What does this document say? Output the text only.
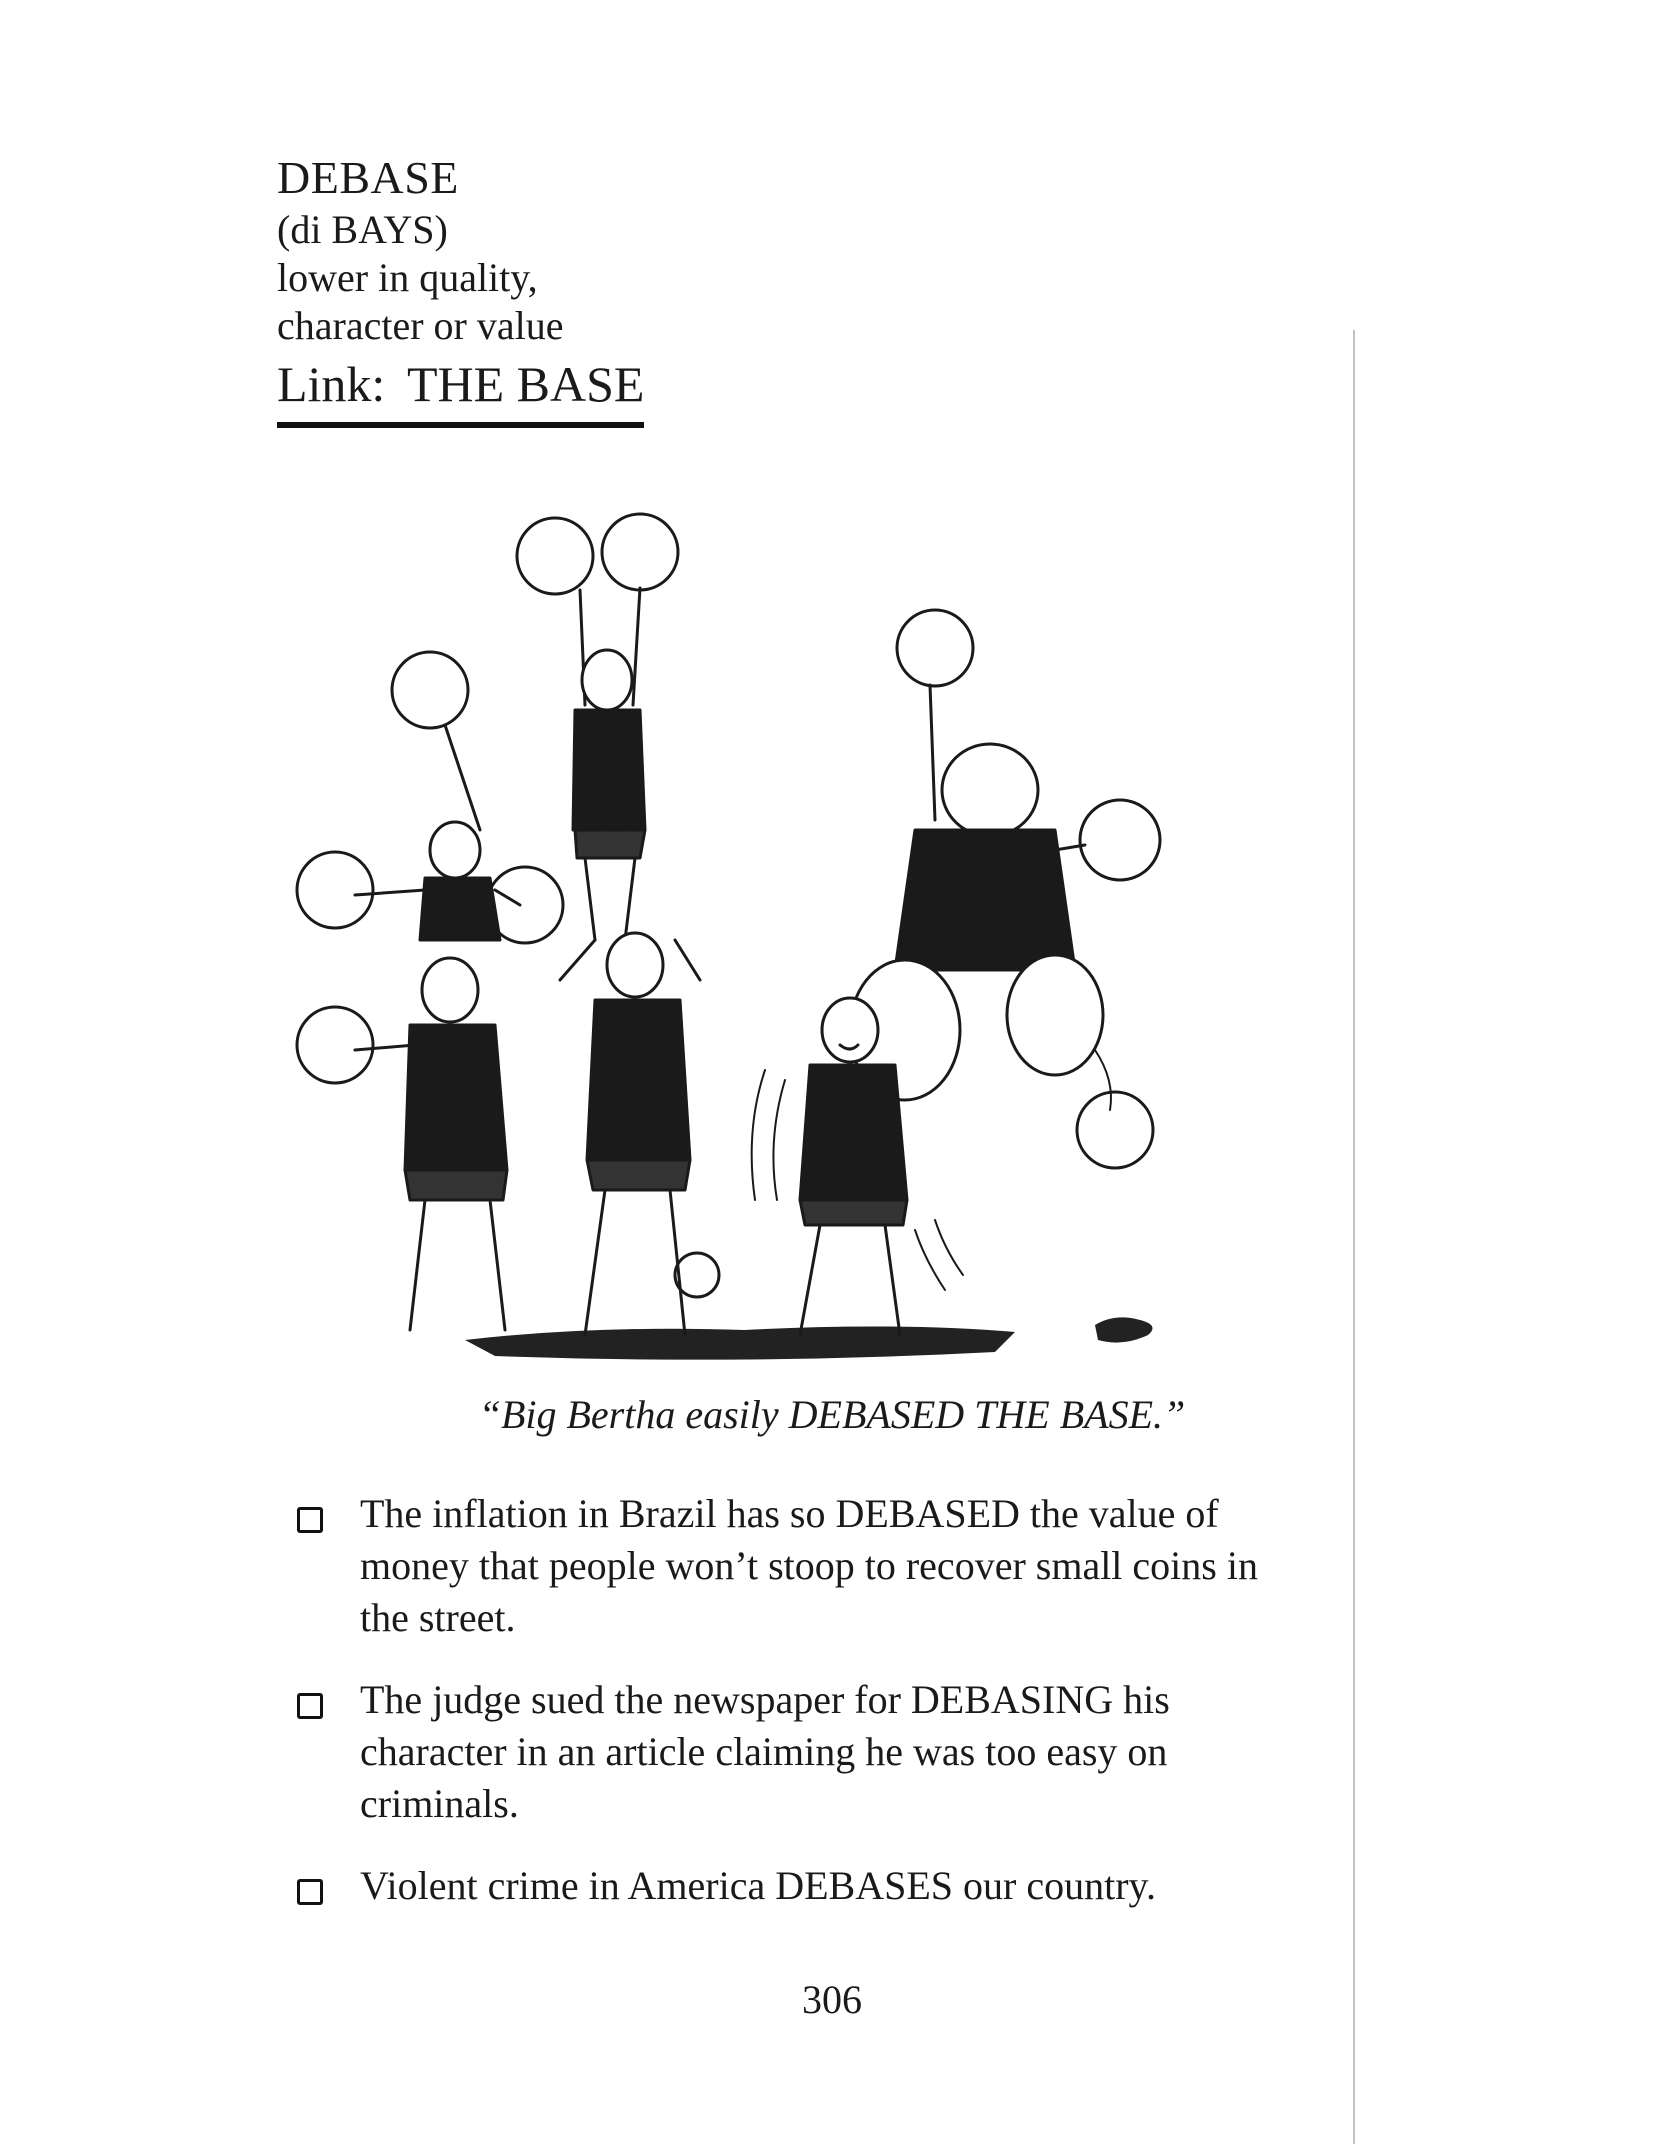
DEBASE

(di BAYS)

lower in quality,

character or value

Link: THE BASE
“Big Bertha easily DEBASED THE BASE.”
The inflation in Brazil has so DEBASED the value of money that people won’t stoop to recover small coins in the street.
The judge sued the newspaper for DEBASING his character in an article claiming he was too easy on criminals.
Violent crime in America DEBASES our country.
306
